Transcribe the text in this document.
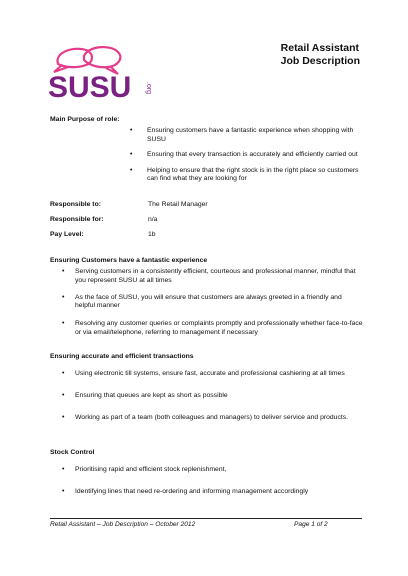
SUSU .org
Retail Assistant
Job Description
Main Purpose of role:
• Ensuring customers have a fantastic experience when shopping with SUSU
• Ensuring that every transaction is accurately and efficiently carried out
• Helping to ensure that the right stock is in the right place so customers can find what they are looking for
Responsible to:	The Retail Manager
Responsible for:	n/a
Pay Level:	1b
Ensuring Customers have a fantastic experience
• Serving customers in a consistently efficient, courteous and professional manner, mindful that you represent SUSU at all times
• As the face of SUSU, you will ensure that customers are always greeted in a friendly and helpful manner
• Resolving any customer queries or complaints promptly and professionally whether face-to-face or via email/telephone, referring to management if necessary
Ensuring accurate and efficient transactions
• Using electronic till systems, ensure fast, accurate and professional cashiering at all times
• Ensuring that queues are kept as short as possible
• Working as part of a team (both colleagues and managers) to deliver service and products.
Stock Control
• Prioritising rapid and efficient stock replenishment,
• Identifying lines that need re-ordering and informing management accordingly
Retail Assistant – Job Description – October 2012	Page 1 of 2
